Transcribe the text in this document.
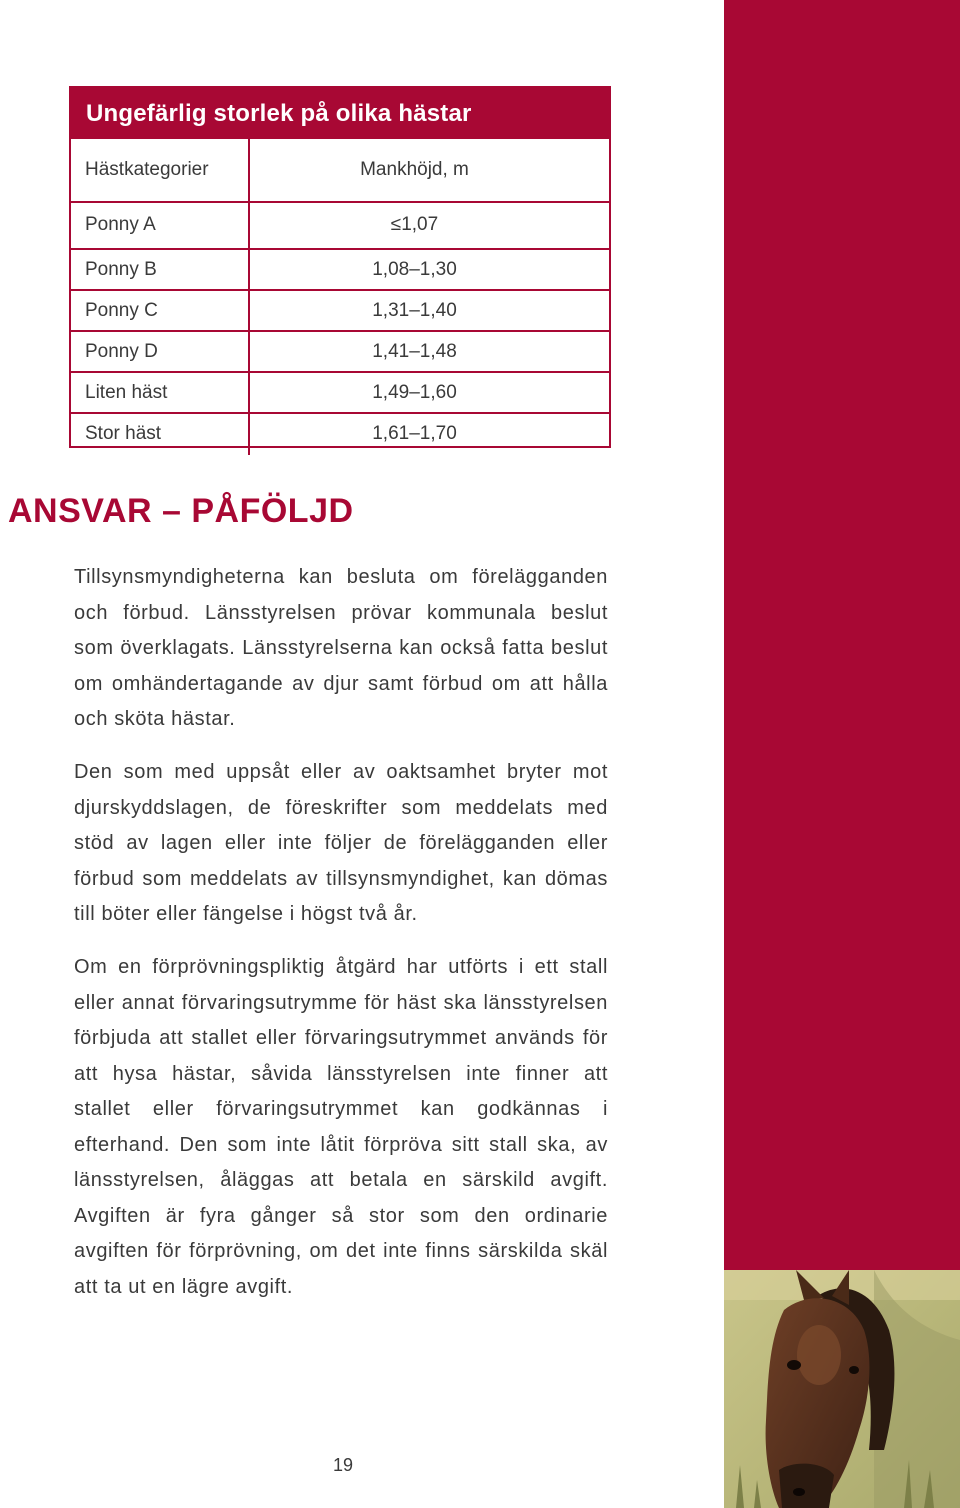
Ungefärlig storlek på olika hästar
Hästkategorier	Mankhöjd, m
Ponny A	≤1,07
Ponny B	1,08–1,30
Ponny C	1,31–1,40
Ponny D	1,41–1,48
Liten häst	1,49–1,60
Stor häst	1,61–1,70
ANSVAR – PÅFÖLJD

Tillsynsmyndigheterna kan besluta om förelägganden och förbud. Länsstyrelsen prövar kommunala beslut som överklagats. Länsstyrelserna kan också fatta beslut om omhändertagande av djur samt förbud om att hålla och sköta hästar.

Den som med uppsåt eller av oaktsamhet bryter mot djurskyddslagen, de föreskrifter som meddelats med stöd av lagen eller inte följer de förelägganden eller förbud som meddelats av tillsynsmyndighet, kan dömas till böter eller fängelse i högst två år.

Om en förprövningspliktig åtgärd har utförts i ett stall eller annat förvaringsutrymme för häst ska länsstyrelsen förbjuda att stallet eller förvaringsutrymmet används för att hysa hästar, såvida länsstyrelsen inte finner att stallet eller förvaringsutrymmet kan godkännas i efterhand. Den som inte låtit förpröva sitt stall ska, av länsstyrelsen, åläggas att betala en särskild avgift. Avgiften är fyra gånger så stor som den ordinarie avgiften för förprövning, om det inte finns särskilda skäl att ta ut en lägre avgift.

19
